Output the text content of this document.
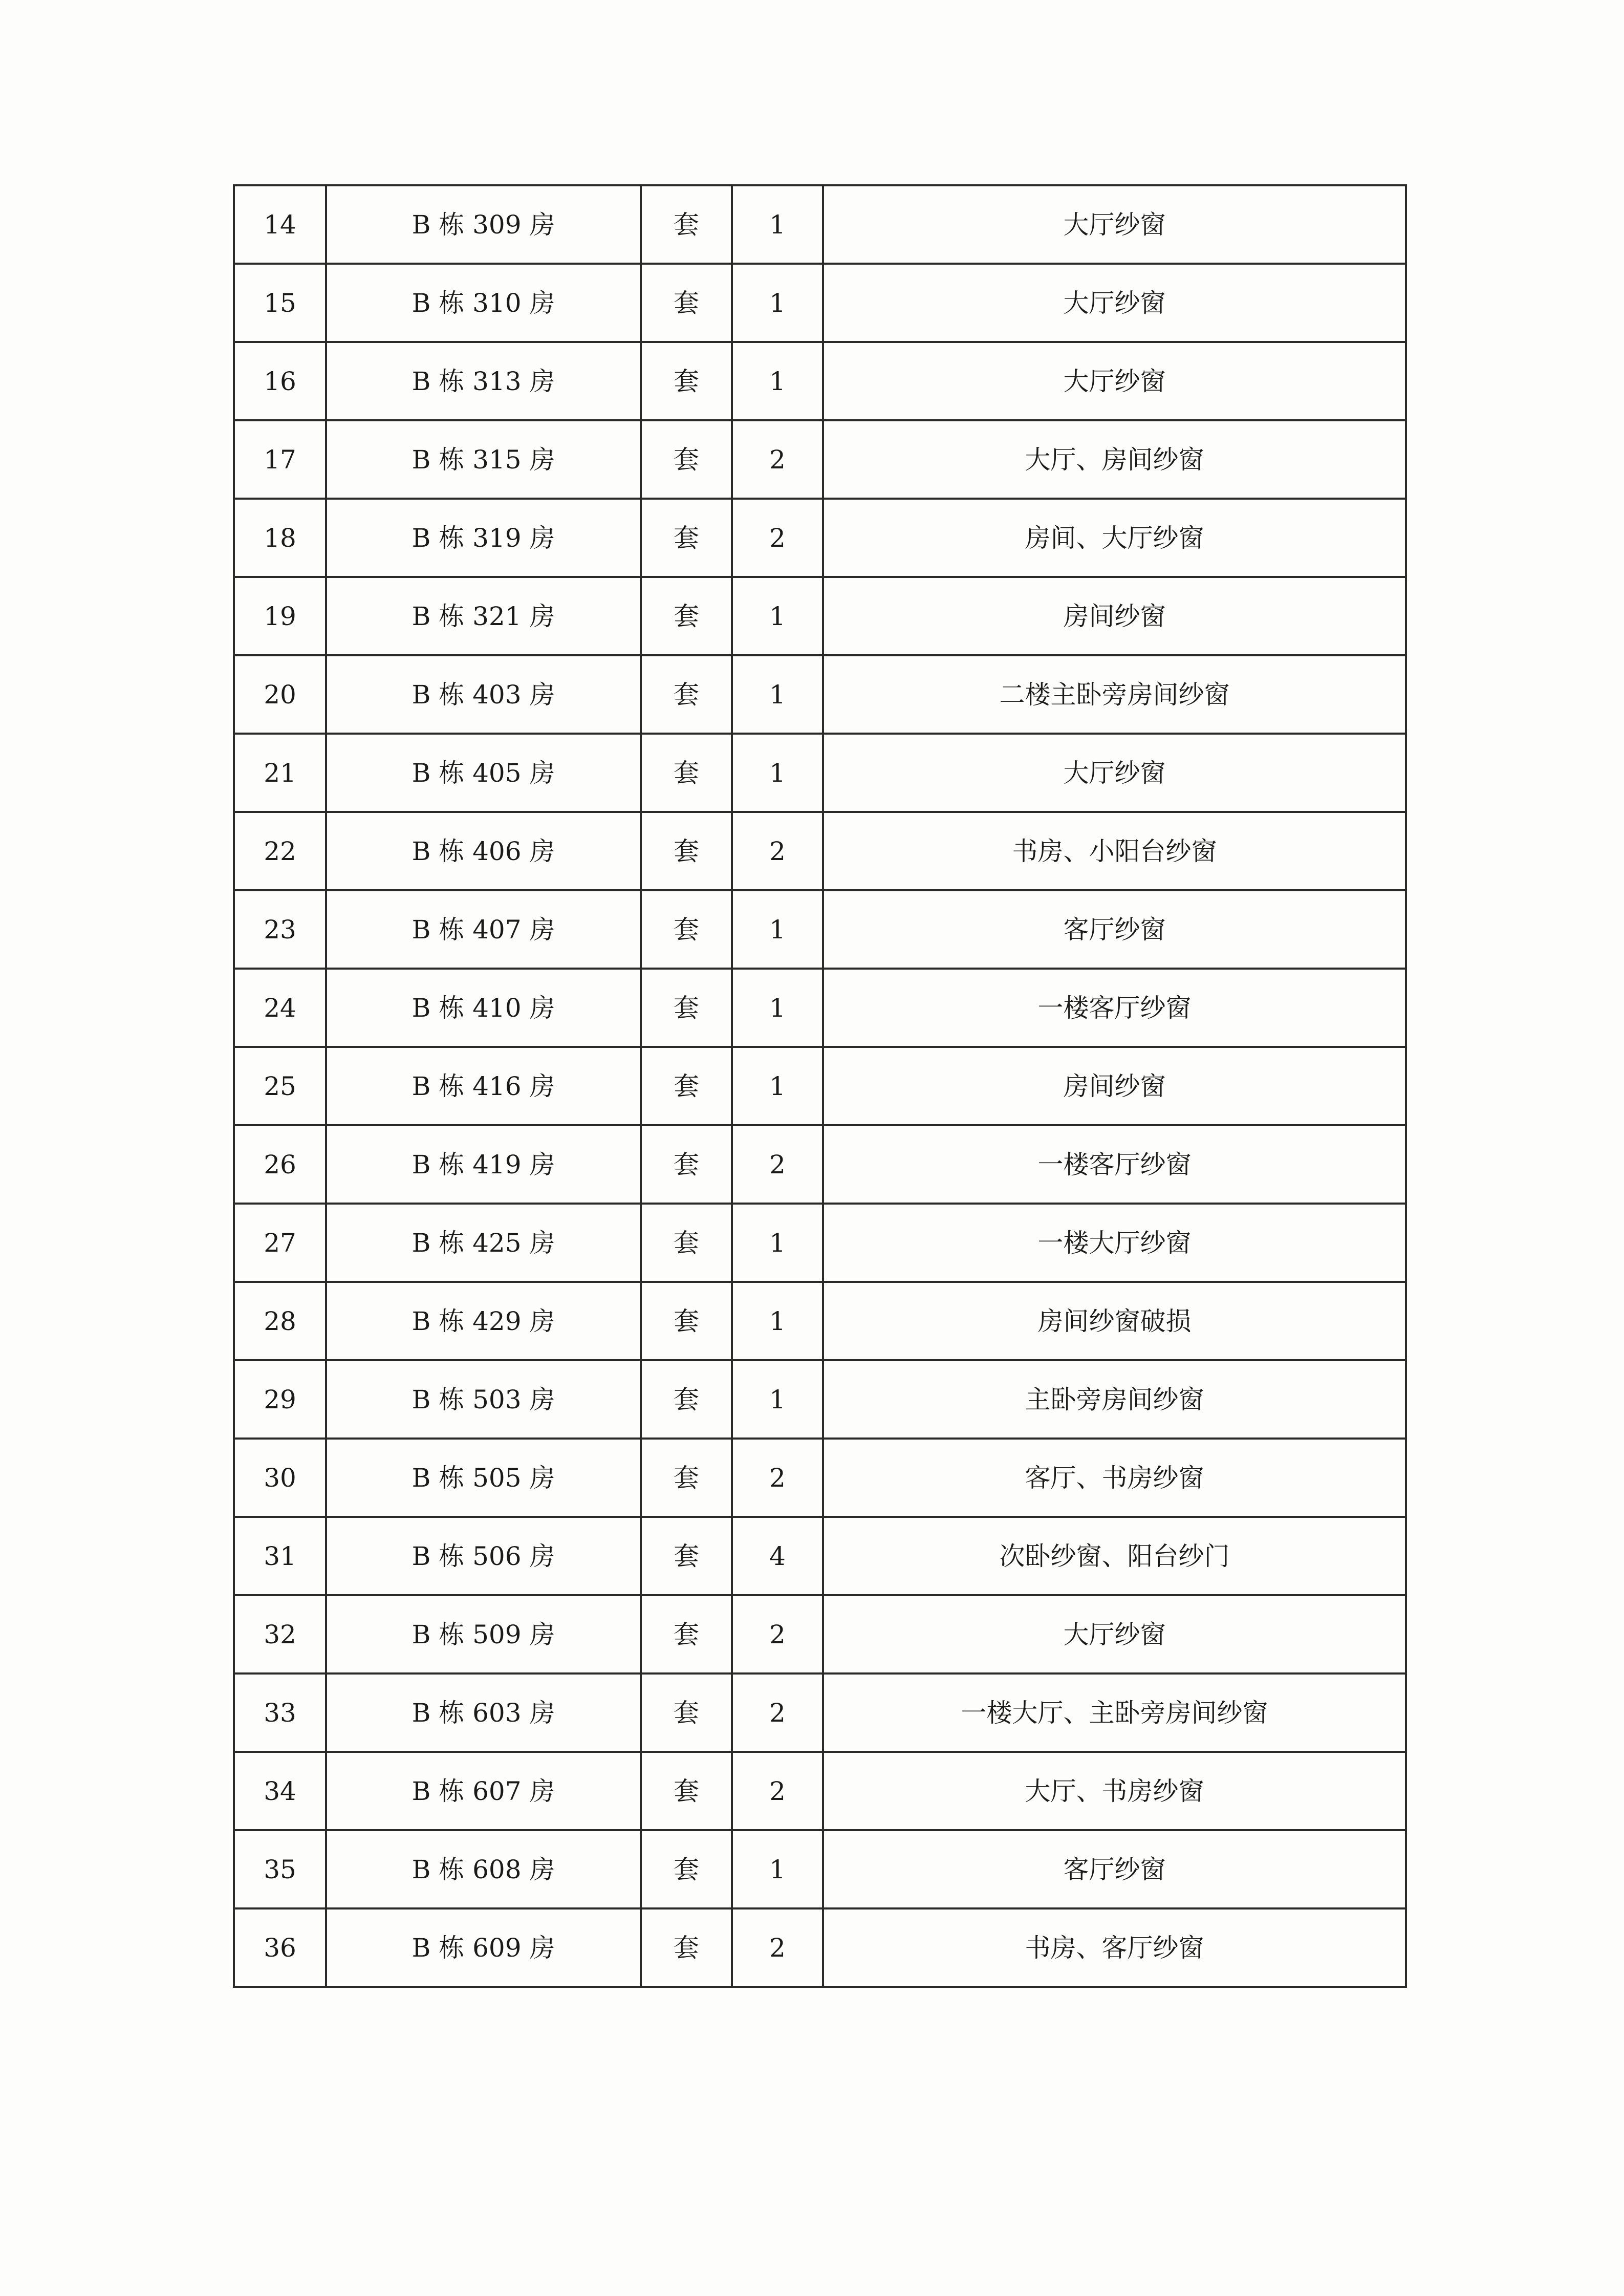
14	B 栋 309 房	套	1	大厅纱窗
15	B 栋 310 房	套	1	大厅纱窗
16	B 栋 313 房	套	1	大厅纱窗
17	B 栋 315 房	套	2	大厅、房间纱窗
18	B 栋 319 房	套	2	房间、大厅纱窗
19	B 栋 321 房	套	1	房间纱窗
20	B 栋 403 房	套	1	二楼主卧旁房间纱窗
21	B 栋 405 房	套	1	大厅纱窗
22	B 栋 406 房	套	2	书房、小阳台纱窗
23	B 栋 407 房	套	1	客厅纱窗
24	B 栋 410 房	套	1	一楼客厅纱窗
25	B 栋 416 房	套	1	房间纱窗
26	B 栋 419 房	套	2	一楼客厅纱窗
27	B 栋 425 房	套	1	一楼大厅纱窗
28	B 栋 429 房	套	1	房间纱窗破损
29	B 栋 503 房	套	1	主卧旁房间纱窗
30	B 栋 505 房	套	2	客厅、书房纱窗
31	B 栋 506 房	套	4	次卧纱窗、阳台纱门
32	B 栋 509 房	套	2	大厅纱窗
33	B 栋 603 房	套	2	一楼大厅、主卧旁房间纱窗
34	B 栋 607 房	套	2	大厅、书房纱窗
35	B 栋 608 房	套	1	客厅纱窗
36	B 栋 609 房	套	2	书房、客厅纱窗
